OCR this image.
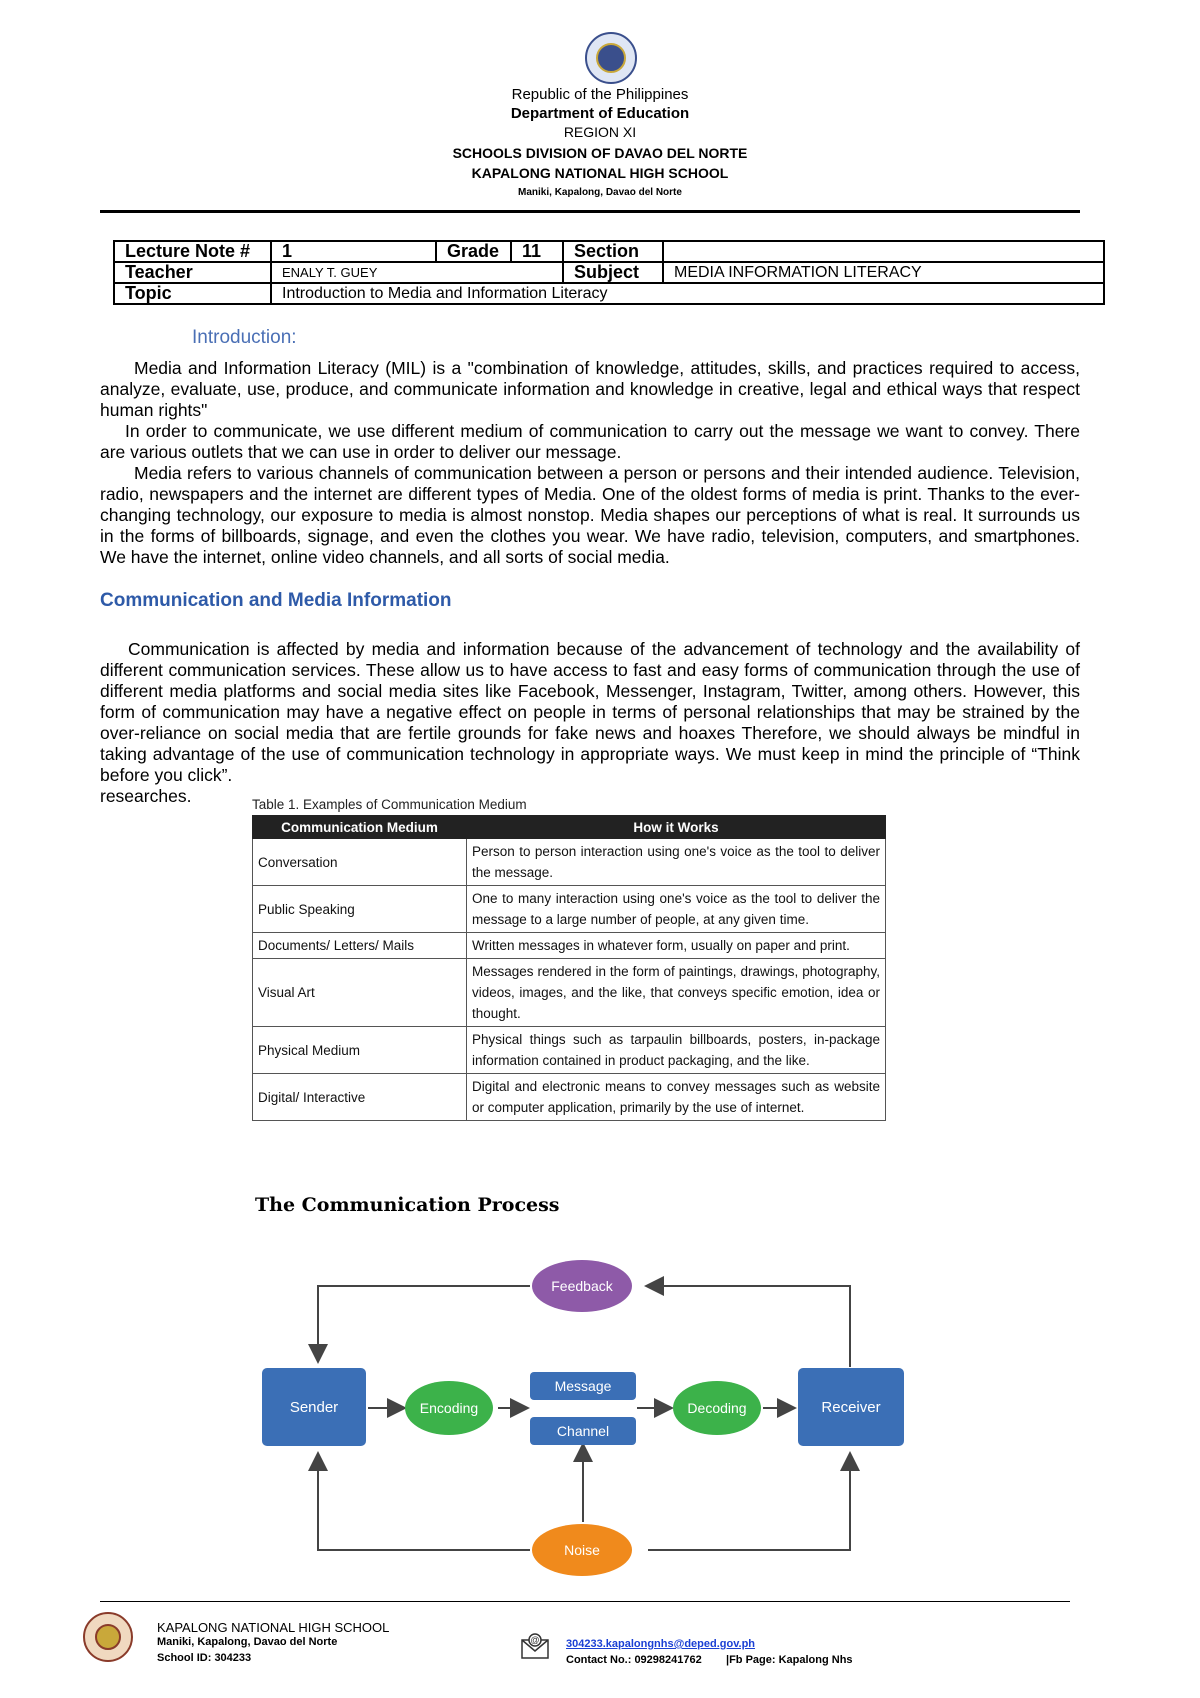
Republic of the Philippines
Department of Education
REGION XI
SCHOOLS DIVISION OF DAVAO DEL NORTE
KAPALONG NATIONAL HIGH SCHOOL
Maniki, Kapalong, Davao del Norte
Lecture Note #	1	Grade	11	Section	
Teacher	ENALY T. GUEY			Subject	MEDIA INFORMATION LITERACY
Topic	Introduction to Media and Information Literacy				
Introduction:

Media and Information Literacy (MIL) is a "combination of knowledge, attitudes, skills, and practices required to access, analyze, evaluate, use, produce, and communicate information and knowledge in creative, legal and ethical ways that respect human rights"

In order to communicate, we use different medium of communication to carry out the message we want to convey. There are various outlets that we can use in order to deliver our message.

Media refers to various channels of communication between a person or persons and their intended audience. Television, radio, newspapers and the internet are different types of Media. One of the oldest forms of media is print. Thanks to the ever-changing technology, our exposure to media is almost nonstop. Media shapes our perceptions of what is real. It surrounds us in the forms of billboards, signage, and even the clothes you wear. We have radio, television, computers, and smartphones. We have the internet, online video channels, and all sorts of social media.

Communication and Media Information

Communication is affected by media and information because of the advancement of technology and the availability of different communication services. These allow us to have access to fast and easy forms of communication through the use of different media platforms and social media sites like Facebook, Messenger, Instagram, Twitter, among others. However, this form of communication may have a negative effect on people in terms of personal relationships that may be strained by the over-reliance on social media that are fertile grounds for fake news and hoaxes Therefore, we should always be mindful in taking advantage of the use of communication technology in appropriate ways. We must keep in mind the principle of “Think before you click”.

researches.	Table 1. Examples of Communication Medium
Communication Medium	How it Works
Conversation	Person to person interaction using one's voice as the tool to deliver the message.
Public Speaking	One to many interaction using one's voice as the tool to deliver the message to a large number of people, at any given time.
Documents/ Letters/ Mails	Written messages in whatever form, usually on paper and print.
Visual Art	Messages rendered in the form of paintings, drawings, photography, videos, images, and the like, that conveys specific emotion, idea or thought.
Physical Medium	Physical things such as tarpaulin billboards, posters, in-package information contained in product packaging, and the like.
Digital/ Interactive	Digital and electronic means to convey messages such as website or computer application, primarily by the use of internet.
The Communication Process
Sender	Encoding
Message
Channel
Decoding	Receiver
Feedback
Noise
KAPALONG NATIONAL HIGH SCHOOL
Maniki, Kapalong, Davao del Norte
School ID: 304233
@ 304233.kapalongnhs@deped.gov.ph
Contact No.: 09298241762 |Fb Page: Kapalong Nhs
